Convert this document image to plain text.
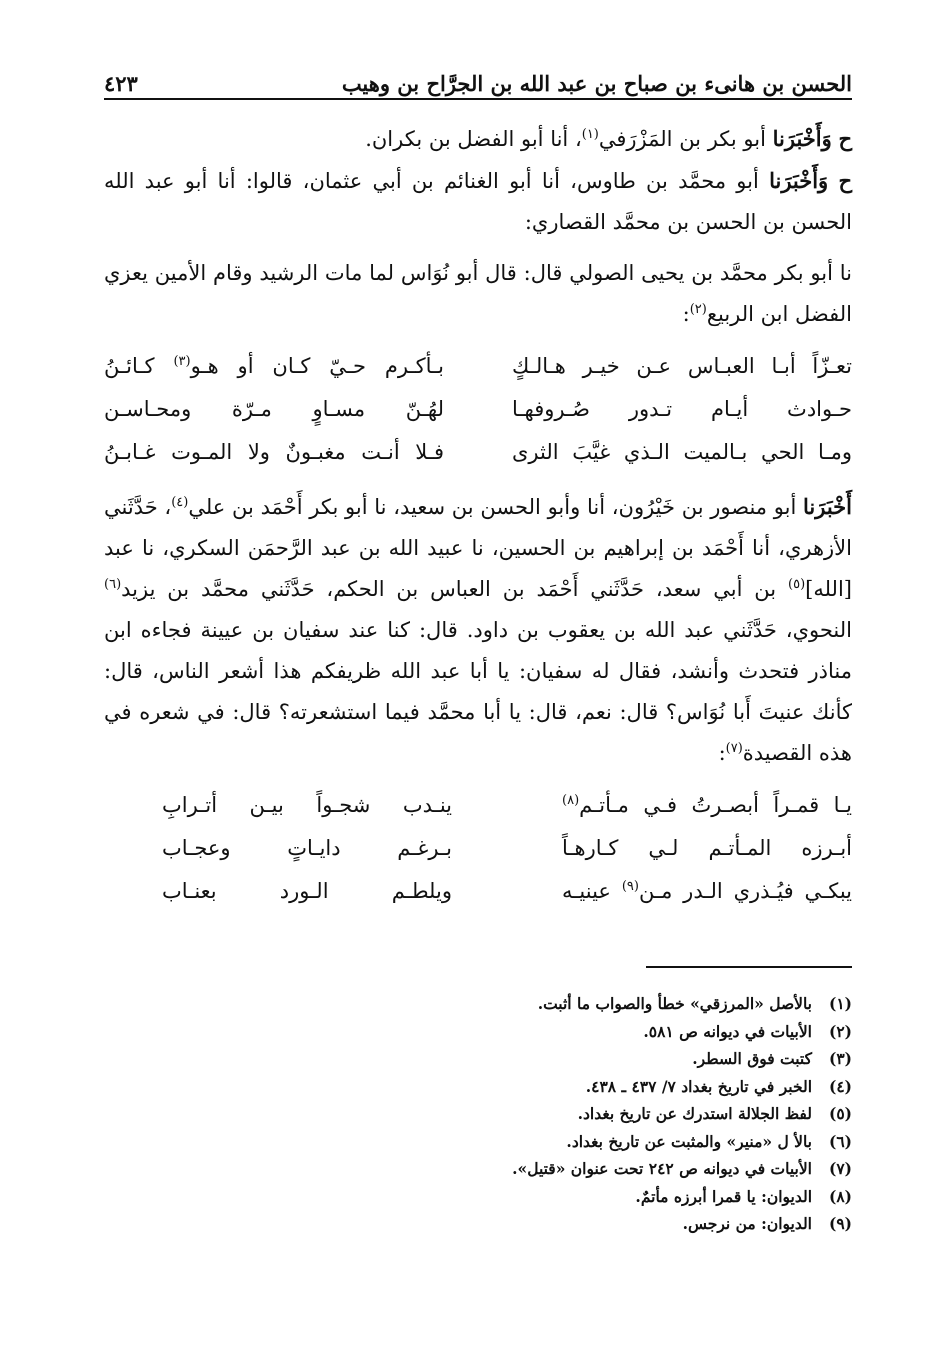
الحسن بن هانىء بن صباح بن عبد الله بن الجرَّاح بن وهيب
٤٢٣

ح وَأَخْبَرَنا أبو بكر بن المَزْرَفي$^{(١)}$، أنا أبو الفضل بن بكران.

ح وَأَخْبَرَنا أبو محمَّد بن طاوس، أنا أبو الغنائم بن أبي عثمان، قالوا: أنا أبو عبد الله الحسن بن الحسن بن محمَّد القصاري:

نا أبو بكر محمَّد بن يحيى الصولي قال: قال أبو نُوَاس لما مات الرشيد وقام الأمين يعزي الفضل ابن الربيع$^{(٢)}$:

تعـزّاً أبـا العبـاس عـن خيـر هـالـكٍ
بـأكـرم حـيّ كـان أو هـو$^{(٣)}$ كـائـنُ
حـوادث أيـام تـدور صُـروفهـا
لهُـنّ مسـاوٍ مـرّة ومحـاسـن
ومـا الحي بـالميت الـذي غيَّبَ الثرى
فـلا أنـت مغبـونٌ ولا المـوت غـابـنُ

أَخْبَرَنا أبو منصور بن خَيْرُون، أنا وأبو الحسن بن سعيد، نا أبو بكر أَحْمَد بن علي$^{(٤)}$، حَدَّثَني الأزهري، أنا أَحْمَد بن إبراهيم بن الحسين، نا عبيد الله بن عبد الرَّحمَن السكري، نا عبد [الله]$^{(٥)}$ بن أبي سعد، حَدَّثَني أَحْمَد بن العباس بن الحكم، حَدَّثَني محمَّد بن يزيد$^{(٦)}$ النحوي، حَدَّثَني عبد الله بن يعقوب بن داود. قال: كنا عند سفيان بن عيينة فجاءه ابن مناذر فتحدث وأنشد، فقال له سفيان: يا أبا عبد الله ظريفكم هذا أشعر الناس، قال: كأنك عنيتَ أَبا نُوَاس؟ قال: نعم، قال: يا أبا محمَّد فيما استشعرته؟ قال: في شعره في هذه القصيدة$^{(٧)}$:

يـا قمـراً أبصـرتُ فـي مـأتـم$^{(٨)}$
ينـدب شجـواً بيـن أتـرابِ
أبـرزه المـأتـم لـي كـارهـاً
بـرغـم دايـاتٍ وعجـاب
يبكـي فيُـذري الـدر مـن$^{(٩)}$ عينيـه
ويلطـم الـورد بعنـاب
(١)
بالأصل «المرزقي» خطأ والصواب ما أثبت.
(٢)
الأبيات في ديوانه ص ٥٨١.
(٣)
كتبت فوق السطر.
(٤)
الخبر في تاريخ بغداد ٧/ ٤٣٧ ـ ٤٣٨.
(٥)
لفظ الجلالة استدرك عن تاريخ بغداد.
(٦)
بالأ ل «منير» والمثبت عن تاريخ بغداد.
(٧)
الأبيات في ديوانه ص ٢٤٢ تحت عنوان «قتيل».
(٨)
الديوان: يا قمرا أبرزه مأتمٌ.
(٩)
الديوان: من نرجس.
